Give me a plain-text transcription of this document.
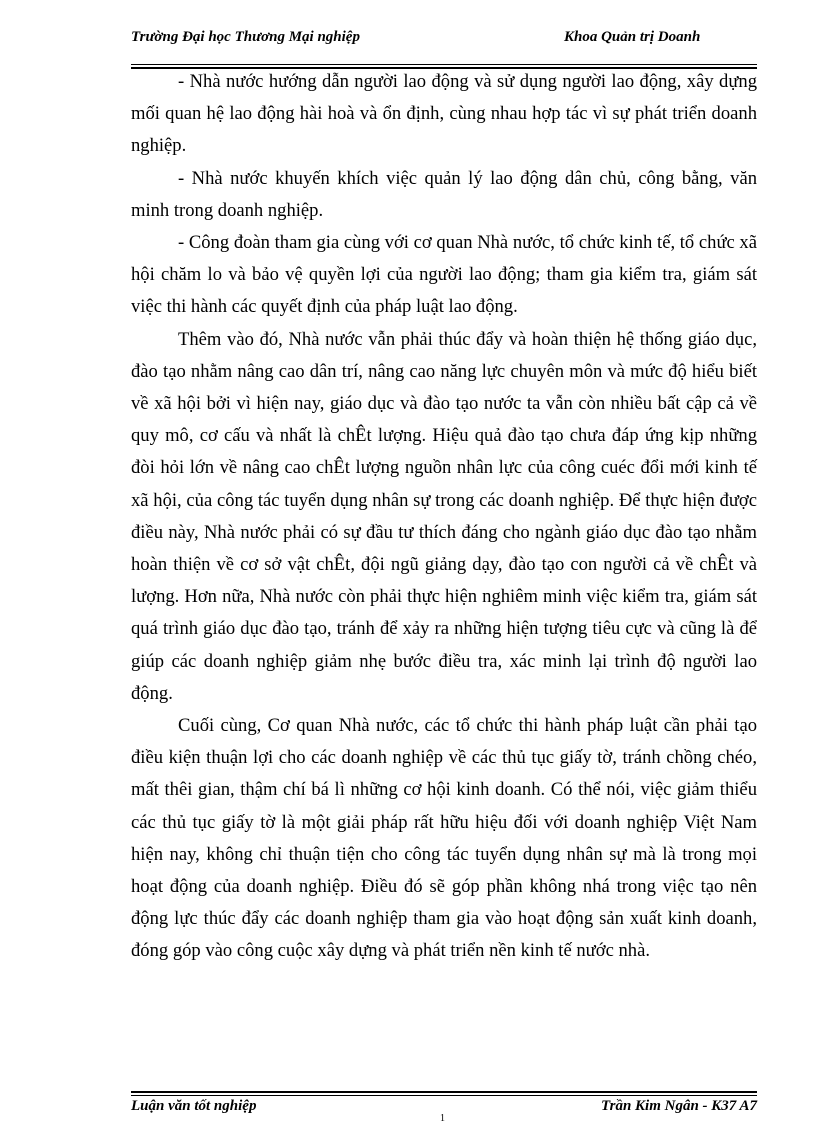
Trường Đại học Thương Mại nghiệp	Khoa Quản trị Doanh

- Nhà nước hướng dẫn người lao động và sử dụng người lao động, xây dựng mối quan hệ lao động hài hoà và ổn định, cùng nhau hợp tác vì sự phát triển doanh nghiệp.

- Nhà nước khuyến khích việc quản lý lao động dân chủ, công bằng, văn minh trong doanh nghiệp.

- Công đoàn tham gia cùng với cơ quan Nhà nước, tổ chức kinh tế, tổ chức xã hội chăm lo và bảo vệ quyền lợi của người lao động; tham gia kiểm tra, giám sát việc thi hành các quyết định của pháp luật lao động.

Thêm vào đó, Nhà nước vẫn phải thúc đẩy và hoàn thiện hệ thống giáo dục, đào tạo nhằm nâng cao dân trí, nâng cao năng lực chuyên môn và mức độ hiểu biết về xã hội bởi vì hiện nay, giáo dục và đào tạo nước ta vẫn còn nhiều bất cập cả về quy mô, cơ cấu và nhất là chÊt lượng. Hiệu quả đào tạo chưa đáp ứng kịp những đòi hỏi lớn về nâng cao chÊt lượng nguồn nhân lực của công cuéc đổi mới kinh tế xã hội, của công tác tuyển dụng nhân sự trong các doanh nghiệp. Để thực hiện được điều này, Nhà nước phải có sự đầu tư thích đáng cho ngành giáo dục đào tạo nhằm hoàn thiện về cơ sở vật chÊt, đội ngũ giảng dạy, đào tạo con người cả về chÊt và lượng. Hơn nữa, Nhà nước còn phải thực hiện nghiêm minh việc kiểm tra, giám sát quá trình giáo dục đào tạo, tránh để xảy ra những hiện tượng tiêu cực và cũng là để giúp các doanh nghiệp giảm nhẹ bước điều tra, xác minh lại trình độ người lao động.

Cuối cùng, Cơ quan Nhà nước, các tổ chức thi hành pháp luật cần phải tạo điều kiện thuận lợi cho các doanh nghiệp về các thủ tục giấy tờ, tránh chồng chéo, mất thêi gian, thậm chí bá lì những cơ hội kinh doanh. Có thể nói, việc giảm thiểu các thủ tục giấy tờ là một giải pháp rất hữu hiệu đối với doanh nghiệp Việt Nam hiện nay, không chỉ thuận tiện cho công tác tuyển dụng nhân sự mà là trong mọi hoạt động của doanh nghiệp. Điều đó sẽ góp phần không nhá trong việc tạo nên động lực thúc đẩy các doanh nghiệp tham gia vào hoạt động sản xuất kinh doanh, đóng góp vào công cuộc xây dựng và phát triển nền kinh tế nước nhà.

Luận văn tốt nghiệp	Trần Kim Ngân - K37 A7
1
